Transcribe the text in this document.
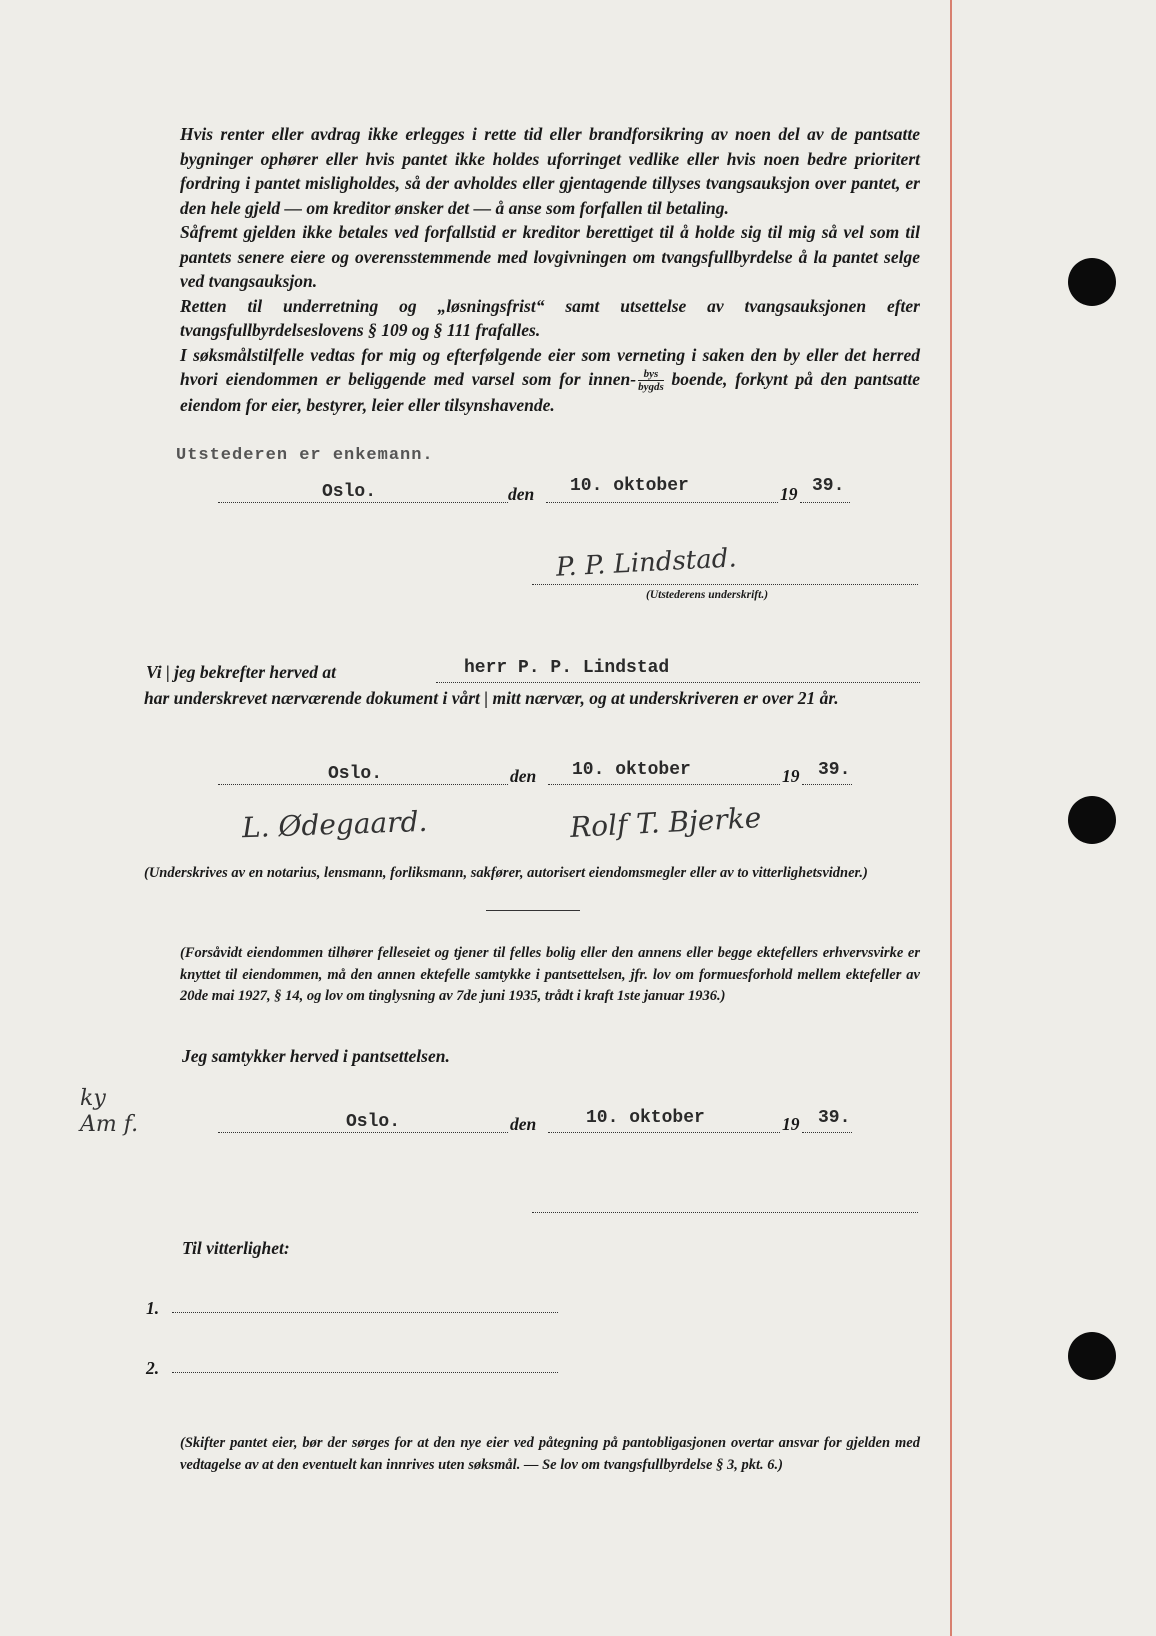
Hvis renter eller avdrag ikke erlegges i rette tid eller brandforsikring av noen del av de pantsatte bygninger ophører eller hvis pantet ikke holdes uforringet vedlike eller hvis noen bedre prioritert fordring i pantet misligholdes, så der avholdes eller gjentagende tillyses tvangsauksjon over pantet, er den hele gjeld — om kreditor ønsker det — å anse som forfallen til betaling.
Såfremt gjelden ikke betales ved forfallstid er kreditor berettiget til å holde sig til mig så vel som til pantets senere eiere og overensstemmende med lovgivningen om tvangsfullbyrdelse å la pantet selge ved tvangsauksjon.
Retten til underretning og „løsningsfrist“ samt utsettelse av tvangsauksjonen efter tvangsfullbyrdelseslovens § 109 og § 111 frafalles.
I søksmålstilfelle vedtas for mig og efterfølgende eier som verneting i saken den by eller det herred hvori eiendommen er beliggende med varsel som for innen- $\frac{\text{bys}}{\text{bygds}}$ boende, forkynt på den pantsatte eiendom for eier, bestyrer, leier eller tilsynshavende.
Utstederen er enkemann.
Oslo.	den 10. oktober	19 39.
P. P. Lindstad.
(Utstederens underskrift.)
Vi | jeg bekrefter herved at	herr P. P. Lindstad
har underskrevet nærværende dokument i vårt | mitt nærvær, og at underskriveren er over 21 år.
Oslo.	den 10. oktober	19 39.
L. Ødegaard.	Rolf T. Bjerke
(Underskrives av en notarius, lensmann, forliksmann, sakfører, autorisert eiendomsmegler eller av to vitterlighetsvidner.)
(Forsåvidt eiendommen tilhører felleseiet og tjener til felles bolig eller den annens eller begge ektefellers erhvervsvirke er knyttet til eiendommen, må den annen ektefelle samtykke i pantsettelsen, jfr. lov om formuesforhold mellem ektefeller av 20de mai 1927, § 14, og lov om tinglysning av 7de juni 1935, trådt i kraft 1ste januar 1936.)
Jeg samtykker herved i pantsettelsen.
ky Am f.	Oslo.	den	10. oktober	19 39.
Til vitterlighet:
1.
2.
(Skifter pantet eier, bør der sørges for at den nye eier ved påtegning på pantobligasjonen overtar ansvar for gjelden med vedtagelse av at den eventuelt kan innrives uten søksmål. — Se lov om tvangsfullbyrdelse § 3, pkt. 6.)
